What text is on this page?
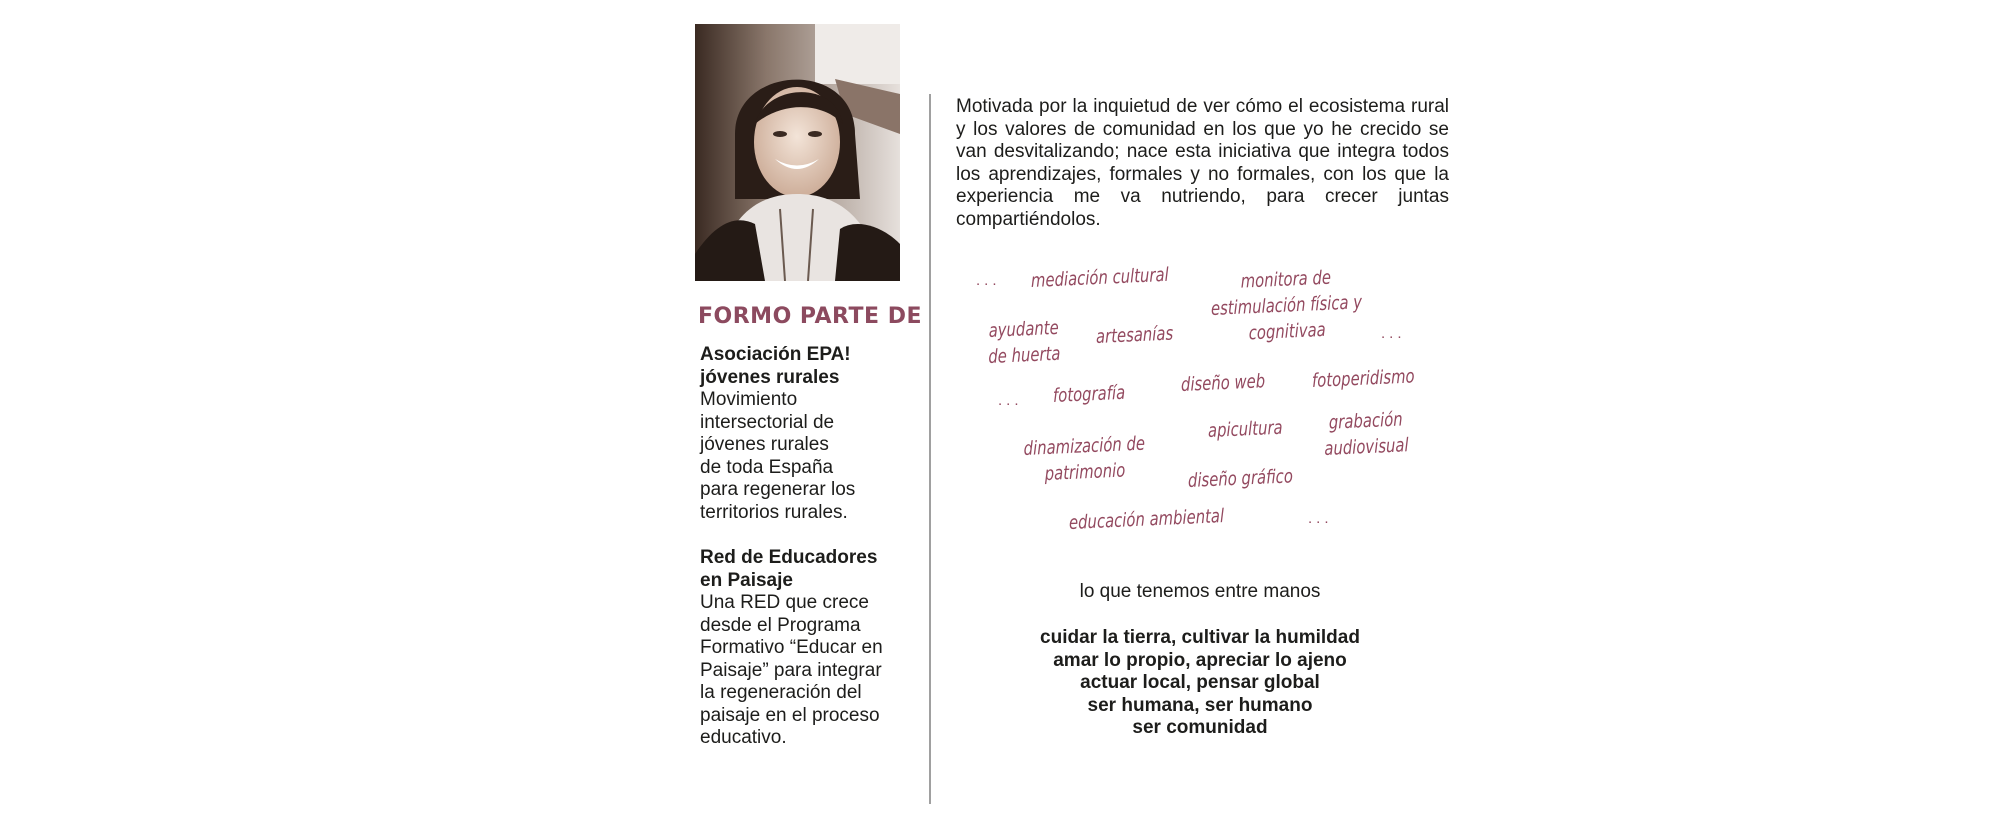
FORMO PARTE DE

Asociación EPA!
jóvenes rurales
Movimiento
intersectorial de
jóvenes rurales
de toda España
para regenerar los
territorios rurales.

Red de Educadores
en Paisaje
Una RED que crece
desde el Programa
Formativo “Educar en
Paisaje” para integrar
la regeneración del
paisaje en el proceso
educativo.

Motivada por la inquietud de ver cómo el ecosistema rural y los valores de comunidad en los que yo he crecido se van desvitalizando; nace esta iniciativa que integra todos los aprendizajes, formales y no formales, con los que la experiencia me va nutriendo, para crecer juntas compartiéndolos.

... mediación cultural	monitora de
estimulación física y
cognitivaa
ayudante
de huerta
artesanías	...
... fotografía	diseño web fotoperidismo
dinamización de
patrimonio
apicultura grabación
audiovisual
diseño gráfico
educación ambiental	...

lo que tenemos entre manos

cuidar la tierra, cultivar la humildad
amar lo propio, apreciar lo ajeno
actuar local, pensar global
ser humana, ser humano
ser comunidad
